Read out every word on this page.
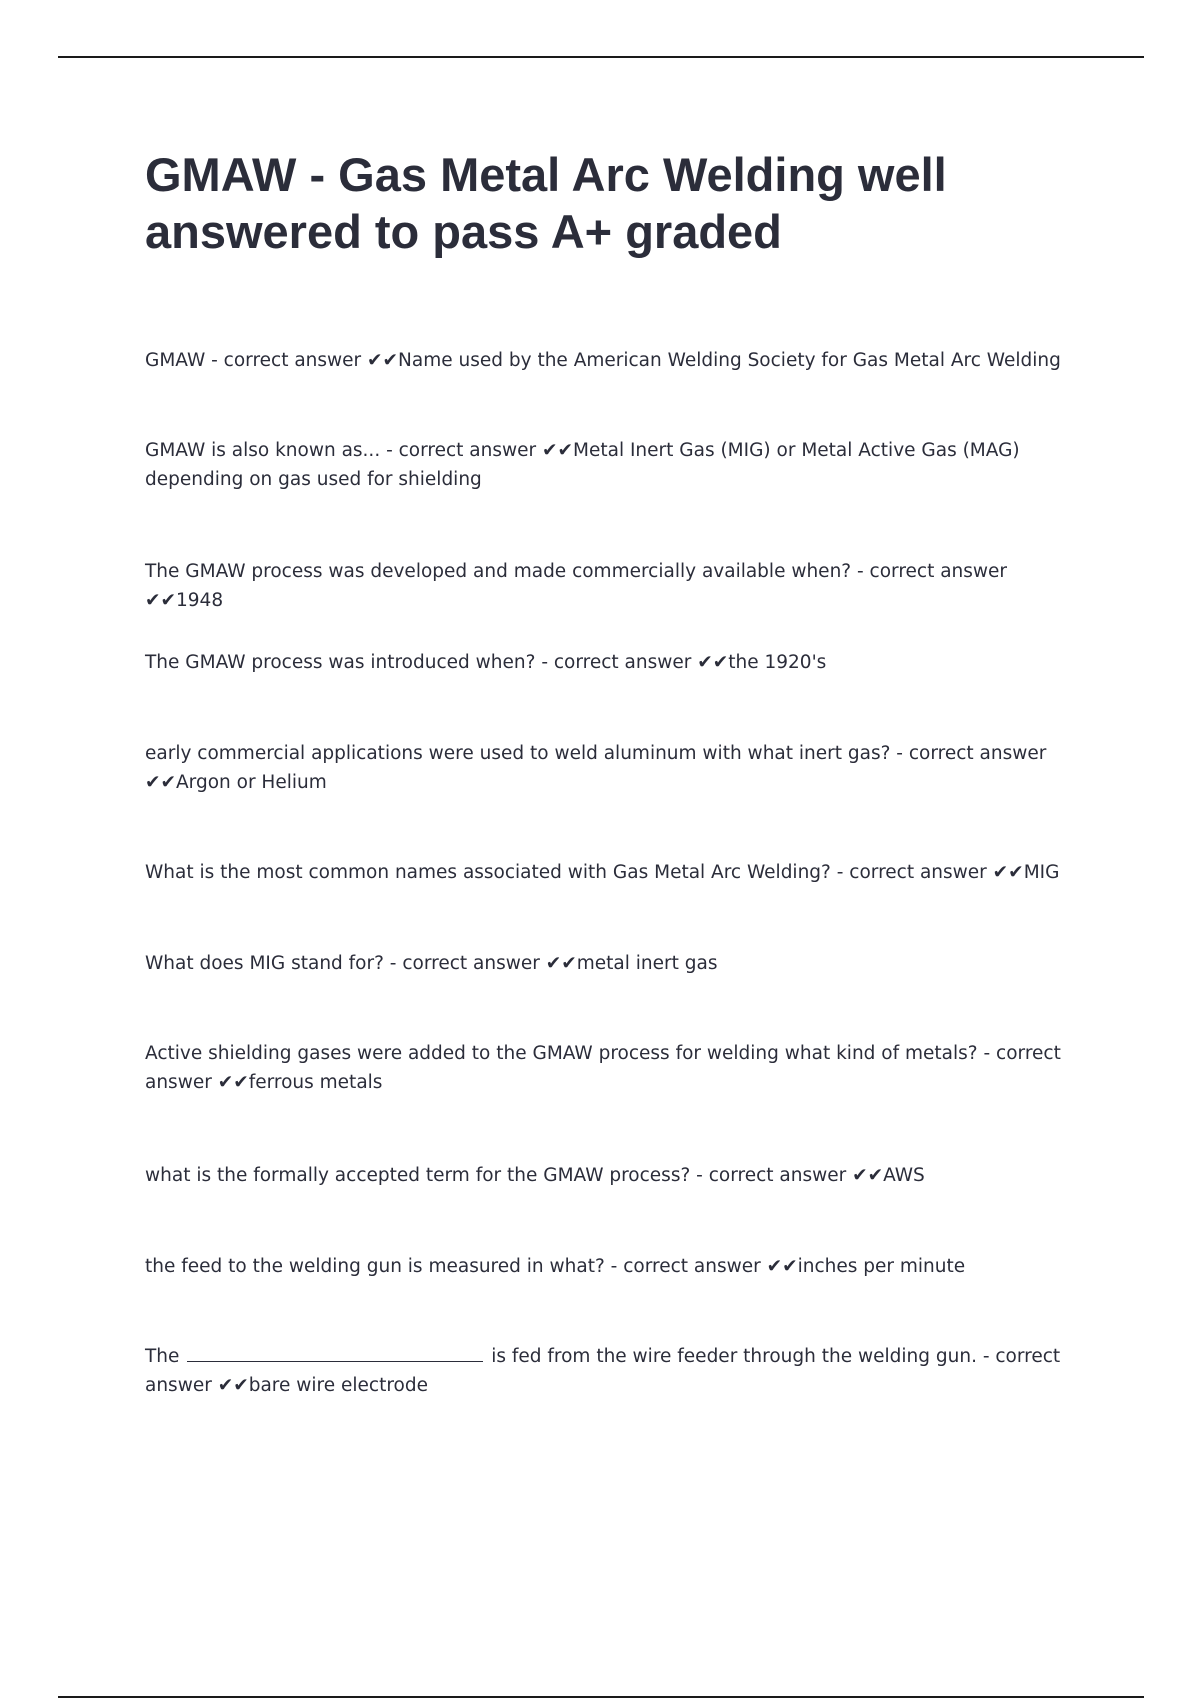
GMAW - Gas Metal Arc Welding well answered to pass A+ graded

GMAW - correct answer ✔✔Name used by the American Welding Society for Gas Metal Arc Welding

GMAW is also known as... - correct answer ✔✔Metal Inert Gas (MIG) or Metal Active Gas (MAG) depending on gas used for shielding

The GMAW process was developed and made commercially available when? - correct answer ✔✔1948

The GMAW process was introduced when? - correct answer ✔✔the 1920's

early commercial applications were used to weld aluminum with what inert gas? - correct answer ✔✔Argon or Helium

What is the most common names associated with Gas Metal Arc Welding? - correct answer ✔✔MIG

What does MIG stand for? - correct answer ✔✔metal inert gas

Active shielding gases were added to the GMAW process for welding what kind of metals? - correct answer ✔✔ferrous metals

what is the formally accepted term for the GMAW process? - correct answer ✔✔AWS

the feed to the welding gun is measured in what? - correct answer ✔✔inches per minute

The	is fed from the wire feeder through the welding gun. - correct answer ✔✔bare wire electrode
